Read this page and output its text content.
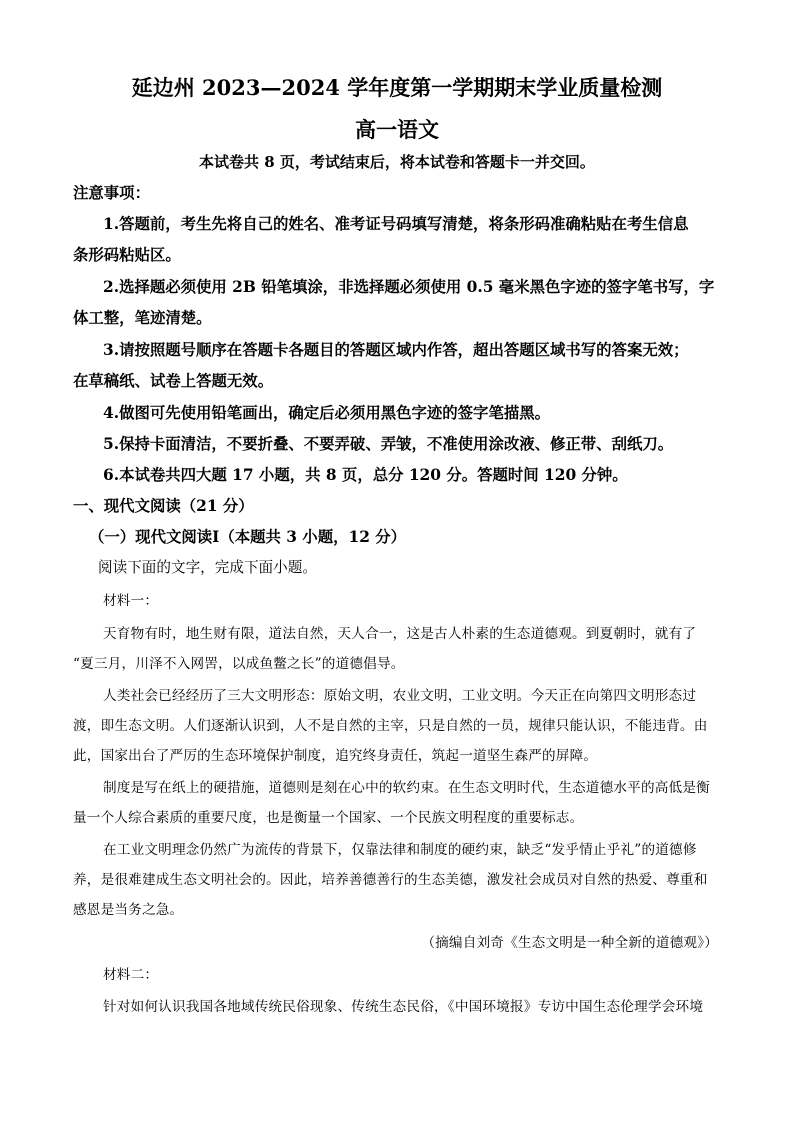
延边州 2023—2024 学年度第一学期期末学业质量检测
高一语文
本试卷共 8 页，考试结束后，将本试卷和答题卡一并交回。
注意事项：
1.答题前，考生先将自己的姓名、准考证号码填写清楚，将条形码准确粘贴在考生信息
条形码粘贴区。
2.选择题必须使用 2B 铅笔填涂，非选择题必须使用 0.5 毫米黑色字迹的签字笔书写，字
体工整，笔迹清楚。
3.请按照题号顺序在答题卡各题目的答题区域内作答，超出答题区域书写的答案无效；
在草稿纸、试卷上答题无效。
4.做图可先使用铅笔画出，确定后必须用黑色字迹的签字笔描黑。
5.保持卡面清洁，不要折叠、不要弄破、弄皱，不准使用涂改液、修正带、刮纸刀。
6.本试卷共四大题 17 小题，共 8 页，总分 120 分。答题时间 120 分钟。
一、现代文阅读（21 分）
（一）现代文阅读Ⅰ（本题共 3 小题，12 分）
阅读下面的文字，完成下面小题。
材料一：
天育物有时，地生财有限，道法自然，天人合一，这是古人朴素的生态道德观。到夏朝时，就有了
“夏三月，川泽不入网罟，以成鱼鳖之长”的道德倡导。
人类社会已经经历了三大文明形态：原始文明，农业文明，工业文明。今天正在向第四文明形态过
渡，即生态文明。人们逐渐认识到，人不是自然的主宰，只是自然的一员，规律只能认识，不能违背。由
此，国家出台了严厉的生态环境保护制度，追究终身责任，筑起一道坚生森严的屏障。
制度是写在纸上的硬措施，道德则是刻在心中的软约束。在生态文明时代，生态道德水平的高低是衡
量一个人综合素质的重要尺度，也是衡量一个国家、一个民族文明程度的重要标志。
在工业文明理念仍然广为流传的背景下，仅靠法律和制度的硬约束，缺乏“发乎情止乎礼”的道德修
养，是很难建成生态文明社会的。因此，培养善德善行的生态美德，激发社会成员对自然的热爱、尊重和
感恩是当务之急。
（摘编自刘奇《生态文明是一种全新的道德观》）
材料二：
针对如何认识我国各地域传统民俗现象、传统生态民俗，《中国环境报》专访中国生态伦理学会环境
